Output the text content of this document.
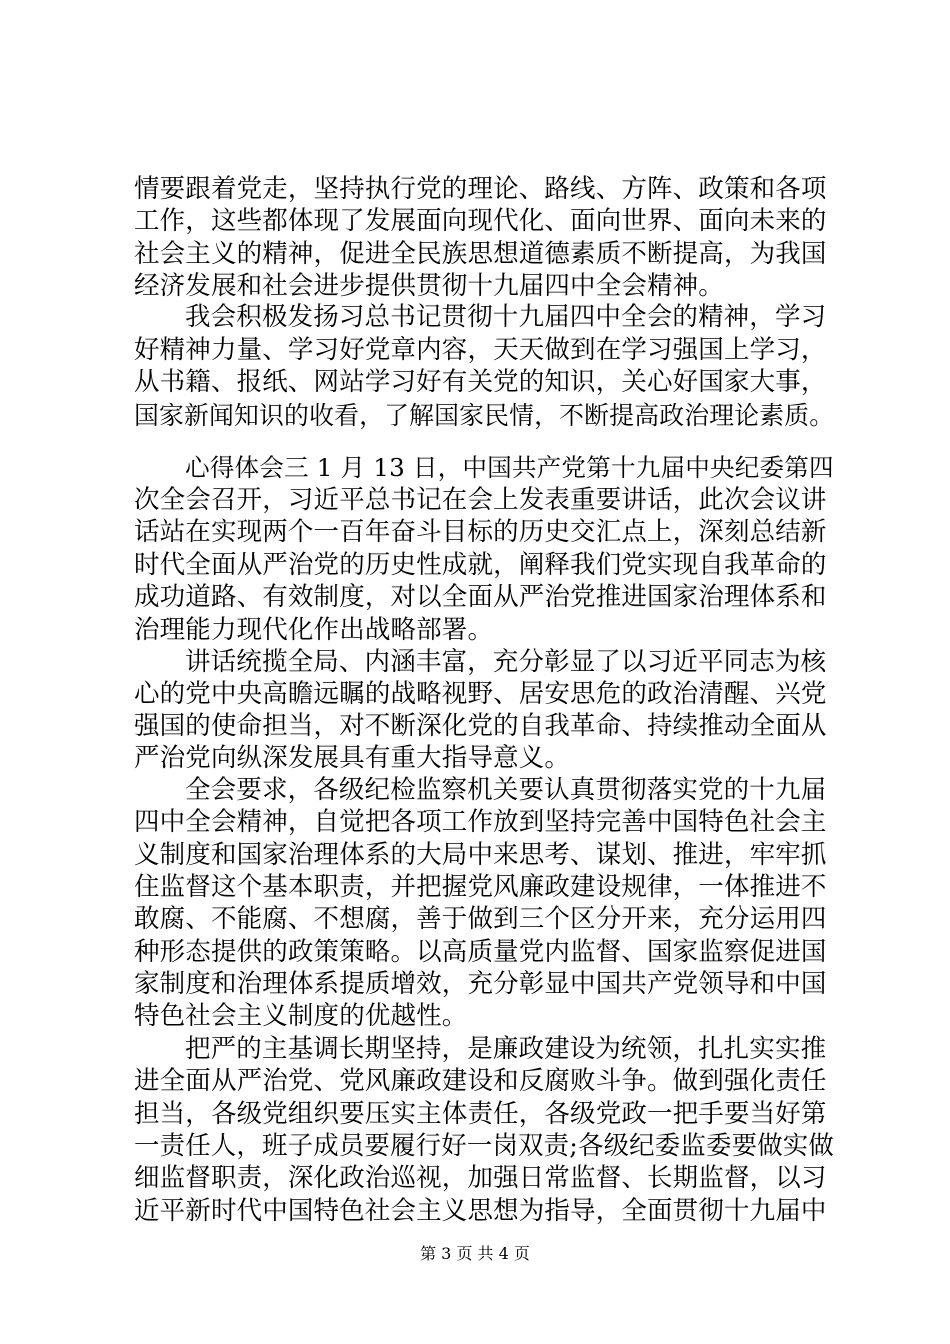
情要跟着党走，坚持执行党的理论、路线、方阵、政策和各项
工作，这些都体现了发展面向现代化、面向世界、面向未来的
社会主义的精神，促进全民族思想道德素质不断提高，为我国
经济发展和社会进步提供贯彻十九届四中全会精神。
我会积极发扬习总书记贯彻十九届四中全会的精神，学习
好精神力量、学习好党章内容，天天做到在学习强国上学习，
从书籍、报纸、网站学习好有关党的知识，关心好国家大事，
国家新闻知识的收看，了解国家民情，不断提高政治理论素质。
心得体会三 1 月 13 日，中国共产党第十九届中央纪委第四
次全会召开，习近平总书记在会上发表重要讲话，此次会议讲
话站在实现两个一百年奋斗目标的历史交汇点上，深刻总结新
时代全面从严治党的历史性成就，阐释我们党实现自我革命的
成功道路、有效制度，对以全面从严治党推进国家治理体系和
治理能力现代化作出战略部署。
讲话统揽全局、内涵丰富，充分彰显了以习近平同志为核
心的党中央高瞻远瞩的战略视野、居安思危的政治清醒、兴党
强国的使命担当，对不断深化党的自我革命、持续推动全面从
严治党向纵深发展具有重大指导意义。
全会要求，各级纪检监察机关要认真贯彻落实党的十九届
四中全会精神，自觉把各项工作放到坚持完善中国特色社会主
义制度和国家治理体系的大局中来思考、谋划、推进，牢牢抓
住监督这个基本职责，并把握党风廉政建设规律，一体推进不
敢腐、不能腐、不想腐，善于做到三个区分开来，充分运用四
种形态提供的政策策略。以高质量党内监督、国家监察促进国
家制度和治理体系提质增效，充分彰显中国共产党领导和中国
特色社会主义制度的优越性。
把严的主基调长期坚持，是廉政建设为统领，扎扎实实推
进全面从严治党、党风廉政建设和反腐败斗争。做到强化责任
担当，各级党组织要压实主体责任，各级党政一把手要当好第
一责任人，班子成员要履行好一岗双责;各级纪委监委要做实做
细监督职责，深化政治巡视，加强日常监督、长期监督，以习
近平新时代中国特色社会主义思想为指导，全面贯彻十九届中
第 3 页 共 4 页
